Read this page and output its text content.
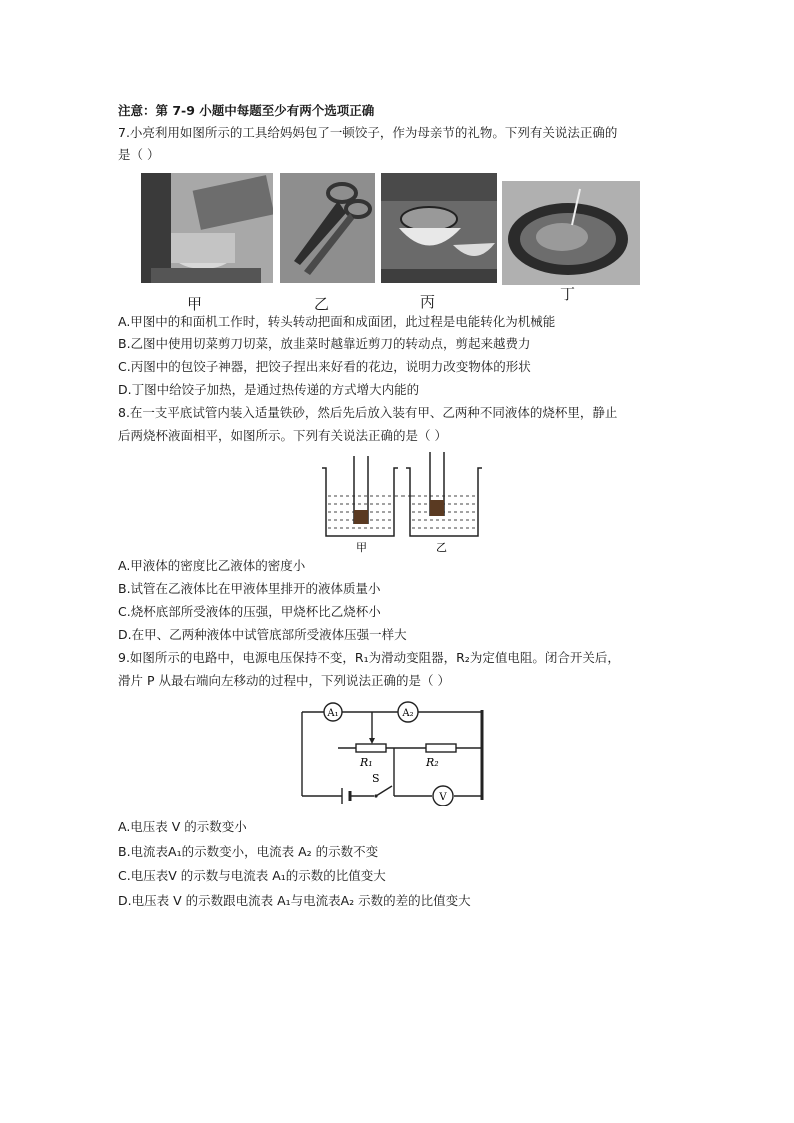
注意：第 7-9 小题中每题至少有两个选项正确
7.小亮利用如图所示的工具给妈妈包了一顿饺子，作为母亲节的礼物。下列有关说法正确的
是（ ）
甲	乙	丙	丁
A.甲图中的和面机工作时，转头转动把面和成面团，此过程是电能转化为机械能
B.乙图中使用切菜剪刀切菜，放韭菜时越靠近剪刀的转动点，剪起来越费力
C.丙图中的包饺子神器，把饺子捏出来好看的花边，说明力改变物体的形状
D.丁图中给饺子加热，是通过热传递的方式增大内能的
8.在一支平底试管内装入适量铁砂，然后先后放入装有甲、乙两种不同液体的烧杯里，静止
后两烧杯液面相平，如图所示。下列有关说法正确的是（ ）
甲	乙
A.甲液体的密度比乙液体的密度小
B.试管在乙液体比在甲液体里排开的液体质量小
C.烧杯底部所受液体的压强，甲烧杯比乙烧杯小
D.在甲、乙两种液体中试管底部所受液体压强一样大
9.如图所示的电路中，电源电压保持不变，R₁为滑动变阻器，R₂为定值电阻。闭合开关后，
滑片 P 从最右端向左移动的过程中，下列说法正确的是（ ）
A₁	A₂
R₁	R₂
S
V
A.电压表 V 的示数变小
B.电流表A₁的示数变小，电流表 A₂ 的示数不变
C.电压表V 的示数与电流表 A₁的示数的比值变大
D.电压表 V 的示数跟电流表 A₁与电流表A₂ 示数的差的比值变大
